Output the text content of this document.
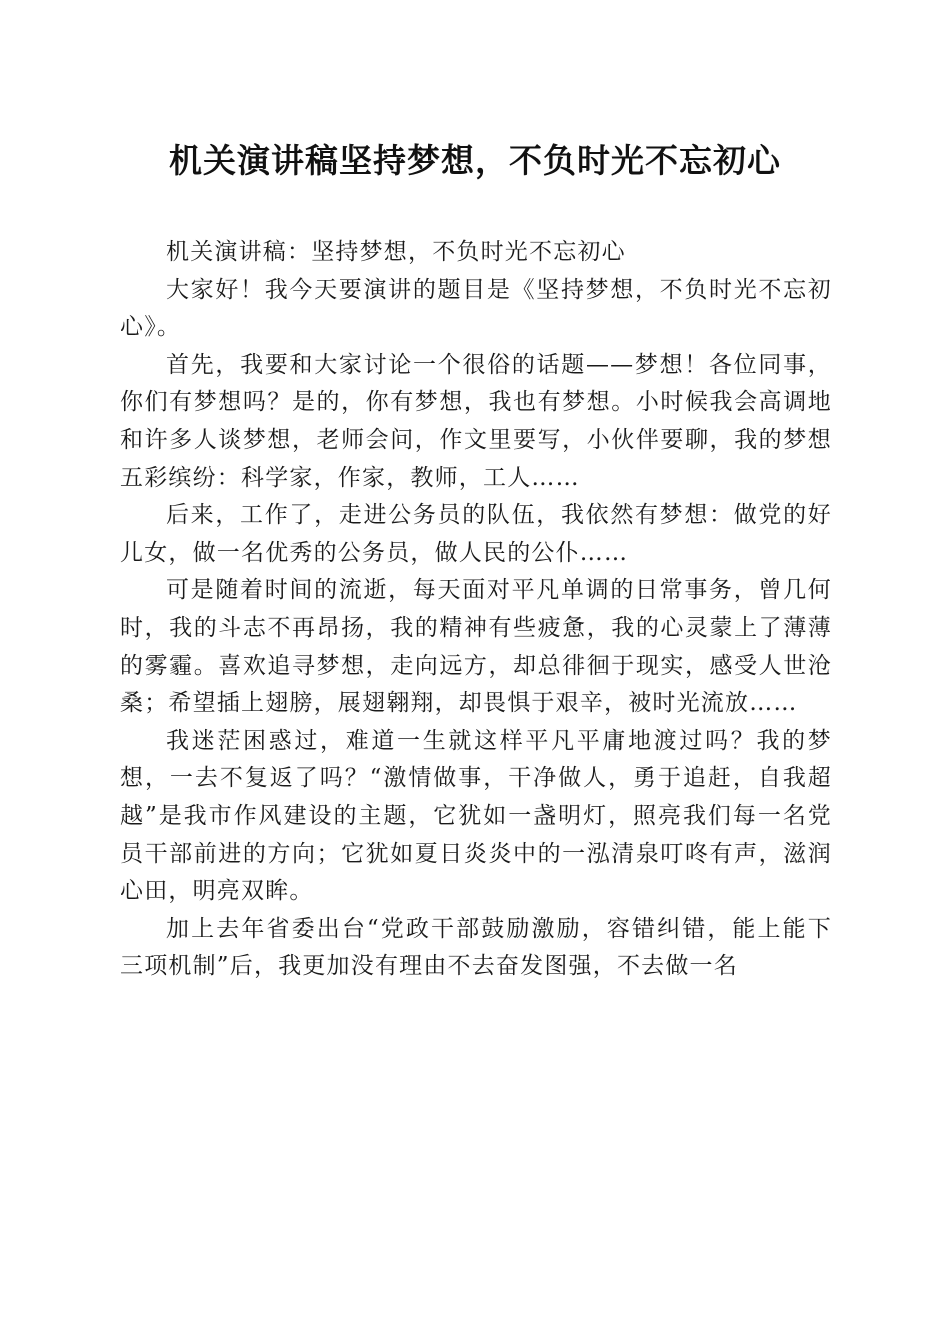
机关演讲稿坚持梦想，不负时光不忘初心

机关演讲稿：坚持梦想，不负时光不忘初心

大家好！我今天要演讲的题目是《坚持梦想，不负时光不忘初心》。

首先，我要和大家讨论一个很俗的话题——梦想！各位同事，你们有梦想吗？是的，你有梦想，我也有梦想。小时候我会高调地和许多人谈梦想，老师会问，作文里要写，小伙伴要聊，我的梦想五彩缤纷：科学家，作家，教师，工人……

后来，工作了，走进公务员的队伍，我依然有梦想：做党的好儿女，做一名优秀的公务员，做人民的公仆……

可是随着时间的流逝，每天面对平凡单调的日常事务，曾几何时，我的斗志不再昂扬，我的精神有些疲惫，我的心灵蒙上了薄薄的雾霾。喜欢追寻梦想，走向远方，却总徘徊于现实，感受人世沧桑；希望插上翅膀，展翅翱翔，却畏惧于艰辛，被时光流放……

我迷茫困惑过，难道一生就这样平凡平庸地渡过吗？我的梦想，一去不复返了吗？“激情做事，干净做人，勇于追赶，自我超越”是我市作风建设的主题，它犹如一盏明灯，照亮我们每一名党员干部前进的方向；它犹如夏日炎炎中的一泓清泉叮咚有声，滋润心田，明亮双眸。

加上去年省委出台“党政干部鼓励激励，容错纠错，能上能下三项机制”后，我更加没有理由不去奋发图强，不去做一名
